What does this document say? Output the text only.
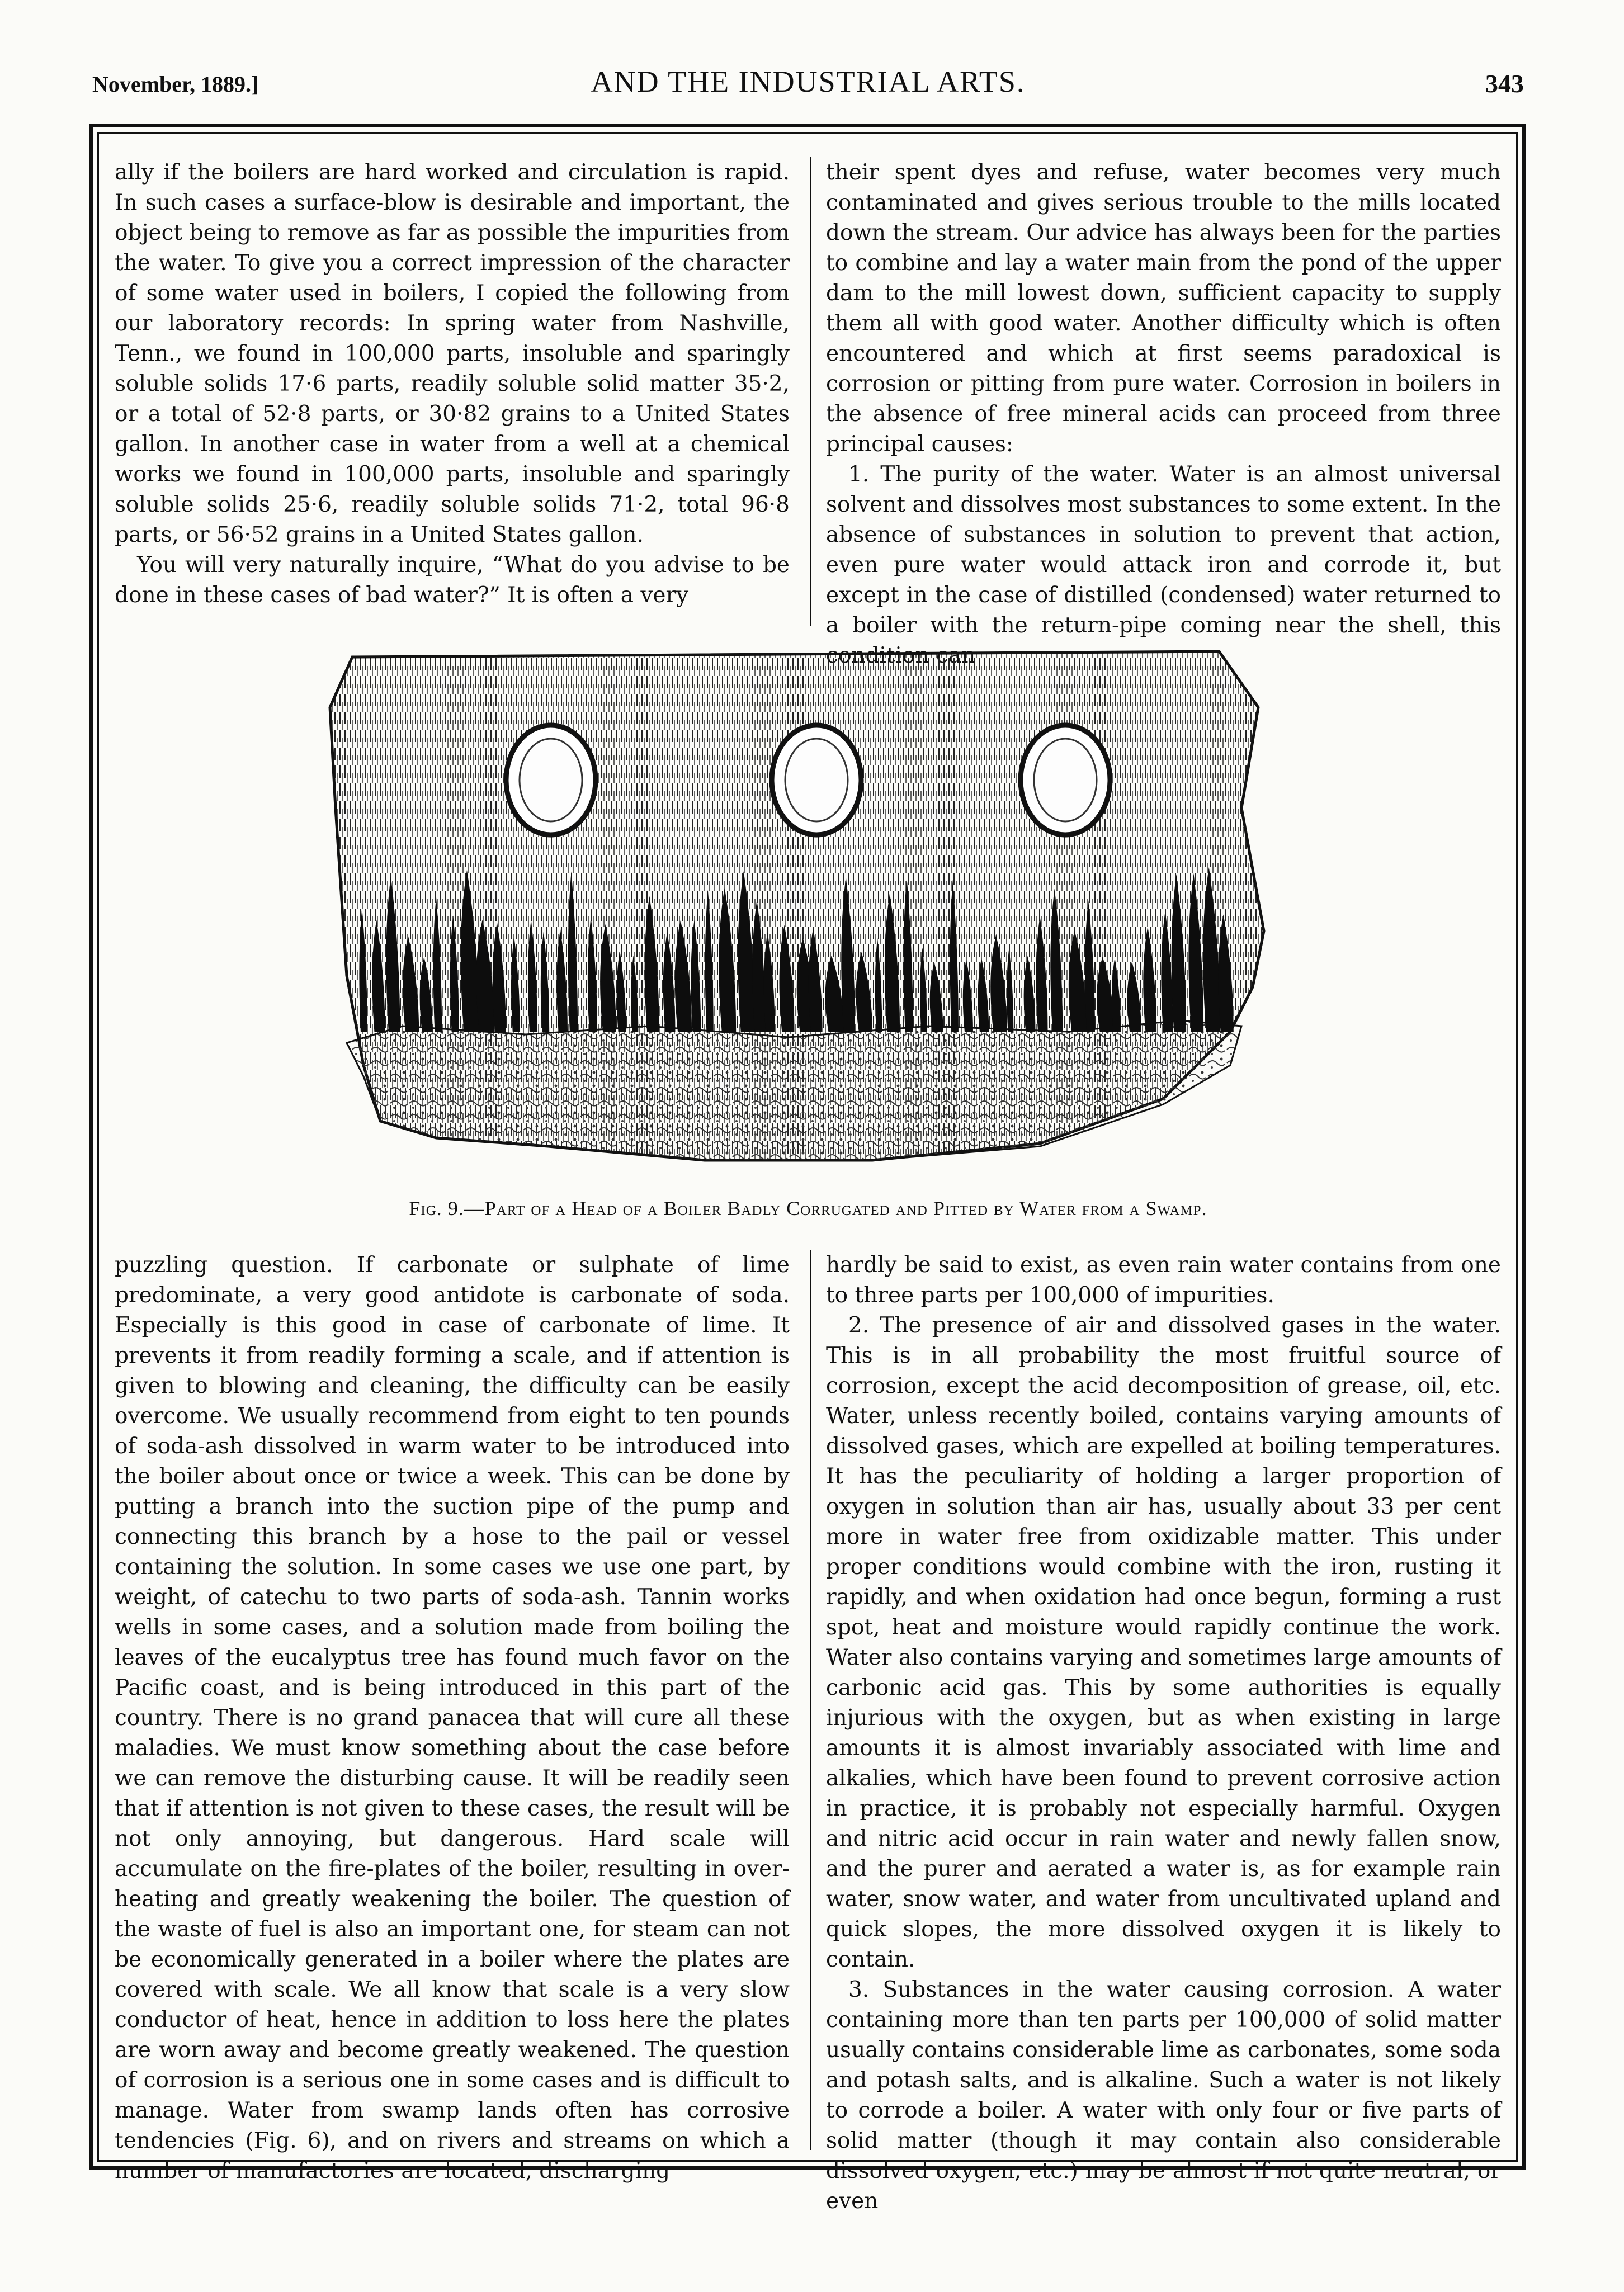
November, 1889.]	AND THE INDUSTRIAL ARTS.	343

ally if the boilers are hard worked and circulation is rapid. In such cases a surface-blow is desirable and important, the object being to remove as far as possible the impurities from the water. To give you a correct impression of the character of some water used in boilers, I copied the following from our laboratory records: In spring water from Nashville, Tenn., we found in 100,000 parts, insoluble and sparingly soluble solids 17·6 parts, readily soluble solid matter 35·2, or a total of 52·8 parts, or 30·82 grains to a United States gallon. In another case in water from a well at a chemical works we found in 100,000 parts, insoluble and sparingly soluble solids 25·6, readily soluble solids 71·2, total 96·8 parts, or 56·52 grains in a United States gallon.

You will very naturally inquire, “What do you advise to be done in these cases of bad water?” It is often a very

their spent dyes and refuse, water becomes very much contaminated and gives serious trouble to the mills located down the stream. Our advice has always been for the parties to combine and lay a water main from the pond of the upper dam to the mill lowest down, sufficient capacity to supply them all with good water. Another difficulty which is often encountered and which at first seems paradoxical is corrosion or pitting from pure water. Corrosion in boilers in the absence of free mineral acids can proceed from three principal causes:

1. The purity of the water. Water is an almost universal solvent and dissolves most substances to some extent. In the absence of substances in solution to prevent that action, even pure water would attack iron and corrode it, but except in the case of distilled (condensed) water returned to a boiler with the return-pipe coming near the shell, this

Fig. 9.—Part of a Head of a Boiler Badly Corrugated and Pitted by Water from a Swamp.

puzzling question. If carbonate or sulphate of lime predominate, a very good antidote is carbonate of soda. Especially is this good in case of carbonate of lime. It prevents it from readily forming a scale, and if attention is given to blowing and cleaning, the difficulty can be easily overcome. We usually recommend from eight to ten pounds of soda-ash dissolved in warm water to be introduced into the boiler about once or twice a week. This can be done by putting a branch into the suction pipe of the pump and connecting this branch by a hose to the pail or vessel containing the solution. In some cases we use one part, by weight, of catechu to two parts of soda-ash. Tannin works wells in some cases, and a solution made from boiling the leaves of the eucalyptus tree has found much favor on the Pacific coast, and is being introduced in this part of the country. There is no grand panacea that will cure all these maladies. We must know something about the case before we can remove the disturbing cause. It will be readily seen that if attention is not given to these cases, the result will be not only annoying, but dangerous. Hard scale will accumulate on the fire-plates of the boiler, resulting in over-heating and greatly weakening the boiler. The question of the waste of fuel is also an important one, for steam can not be economically generated in a boiler where the plates are covered with scale. We all know that scale is a very slow conductor of heat, hence in addition to loss here the plates are worn away and become greatly weakened. The question of corrosion is a serious one in some cases and is difficult to manage. Water from swamp lands often has corrosive tendencies (Fig. 6), and on rivers and streams on which a number of manufactories are located, discharging

hardly be said to exist, as even rain water contains from one to three parts per 100,000 of impurities.

2. The presence of air and dissolved gases in the water. This is in all probability the most fruitful source of corrosion, except the acid decomposition of grease, oil, etc. Water, unless recently boiled, contains varying amounts of dissolved gases, which are expelled at boiling temperatures. It has the peculiarity of holding a larger proportion of oxygen in solution than air has, usually about 33 per cent more in water free from oxidizable matter. This under proper conditions would combine with the iron, rusting it rapidly, and when oxidation had once begun, forming a rust spot, heat and moisture would rapidly continue the work. Water also contains varying and sometimes large amounts of carbonic acid gas. This by some authorities is equally injurious with the oxygen, but as when existing in large amounts it is almost invariably associated with lime and alkalies, which have been found to prevent corrosive action in practice, it is probably not especially harmful. Oxygen and nitric acid occur in rain water and newly fallen snow, and the purer and aerated a water is, as for example rain water, snow water, and water from uncultivated upland and quick slopes, the more dissolved oxygen it is likely to contain.

3. Substances in the water causing corrosion. A water containing more than ten parts per 100,000 of solid matter usually contains considerable lime as carbonates, some soda and potash salts, and is alkaline. Such a water is not likely to corrode a boiler. A water with only four or five parts of solid matter (though it may contain also considerable dissolved oxygen, etc.) may be almost if not quite neutral, or even
